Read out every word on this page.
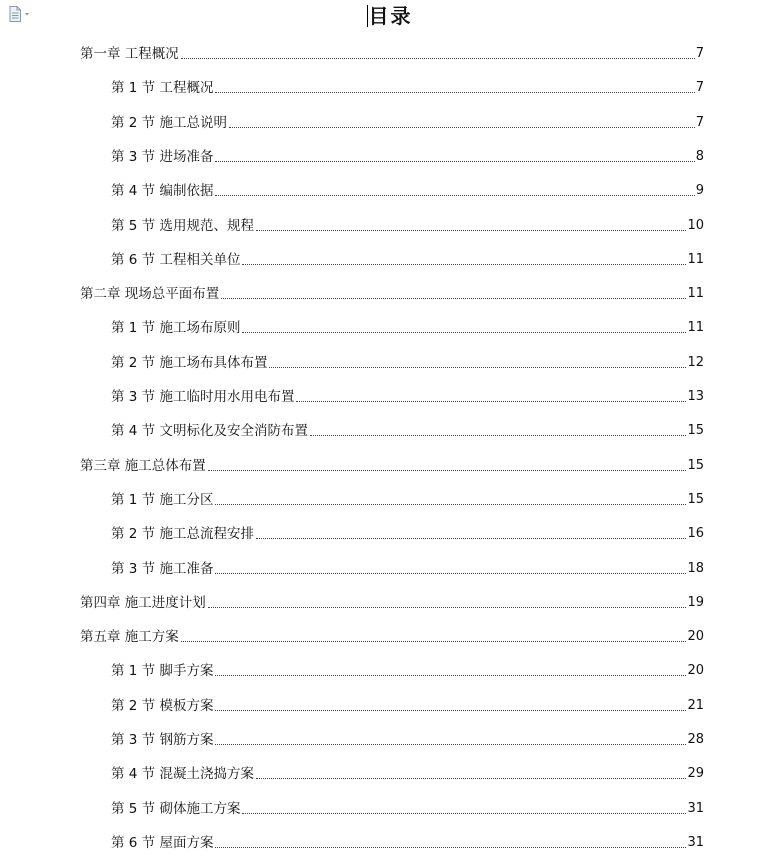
目录
第一章 工程概况	7
第 1 节 工程概况	7
第 2 节 施工总说明	7
第 3 节 进场准备	8
第 4 节 编制依据	9
第 5 节 选用规范、规程	10
第 6 节 工程相关单位	11
第二章 现场总平面布置	11
第 1 节 施工场布原则	11
第 2 节 施工场布具体布置	12
第 3 节 施工临时用水用电布置	13
第 4 节 文明标化及安全消防布置	15
第三章 施工总体布置	15
第 1 节 施工分区	15
第 2 节 施工总流程安排	16
第 3 节 施工准备	18
第四章 施工进度计划	19
第五章 施工方案	20
第 1 节 脚手方案	20
第 2 节 模板方案	21
第 3 节 钢筋方案	28
第 4 节 混凝土浇捣方案	29
第 5 节 砌体施工方案	31
第 6 节 屋面方案	31
